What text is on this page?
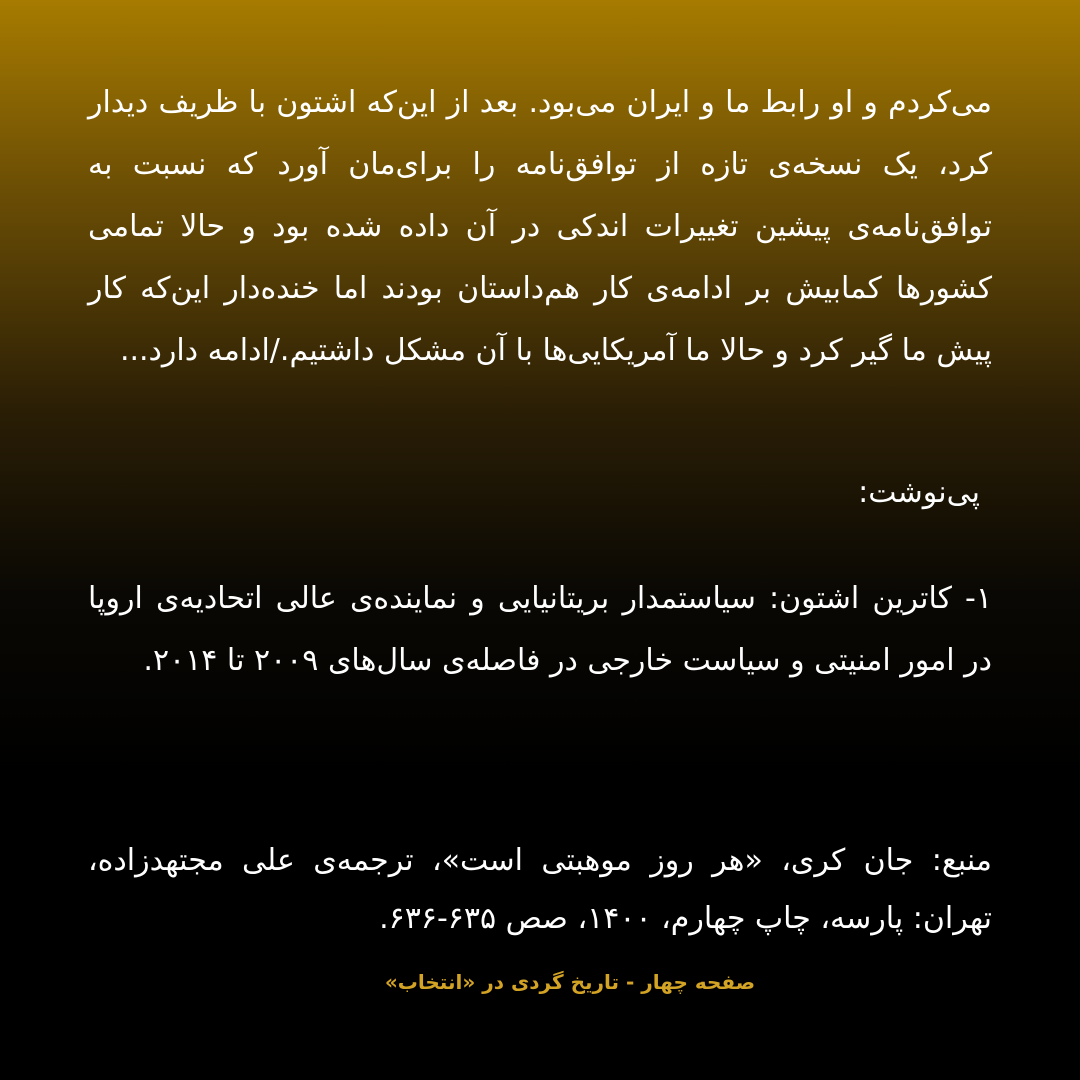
می‌کردم و او رابط ما و ایران می‌بود. بعد از این‌که اشتون با ظریف دیدار کرد، یک نسخه‌ی تازه از توافق‌نامه را برای‌مان آورد که نسبت به توافق‌نامه‌ی پیشین تغییرات اندکی در آن داده شده بود و حالا تمامی کشورها کمابیش بر ادامه‌ی کار هم‌داستان بودند اما خنده‌دار این‌که کار پیش ما گیر کرد و حالا ما آمریکایی‌ها با آن مشکل داشتیم./ادامه دارد...

پی‌نوشت:

۱- کاترین اشتون: سیاستمدار بریتانیایی و نماینده‌ی عالی اتحادیه‌ی اروپا در امور امنیتی و سیاست خارجی در فاصله‌ی سال‌های ۲۰۰۹ تا ۲۰۱۴.

منبع: جان کری، «هر روز موهبتی است»، ترجمه‌ی علی مجتهدزاده، تهران: پارسه، چاپ چهارم، ۱۴۰۰، صص ۶۳۵-۶۳۶.

صفحه چهار - تاریخ گردی در «انتخاب»
